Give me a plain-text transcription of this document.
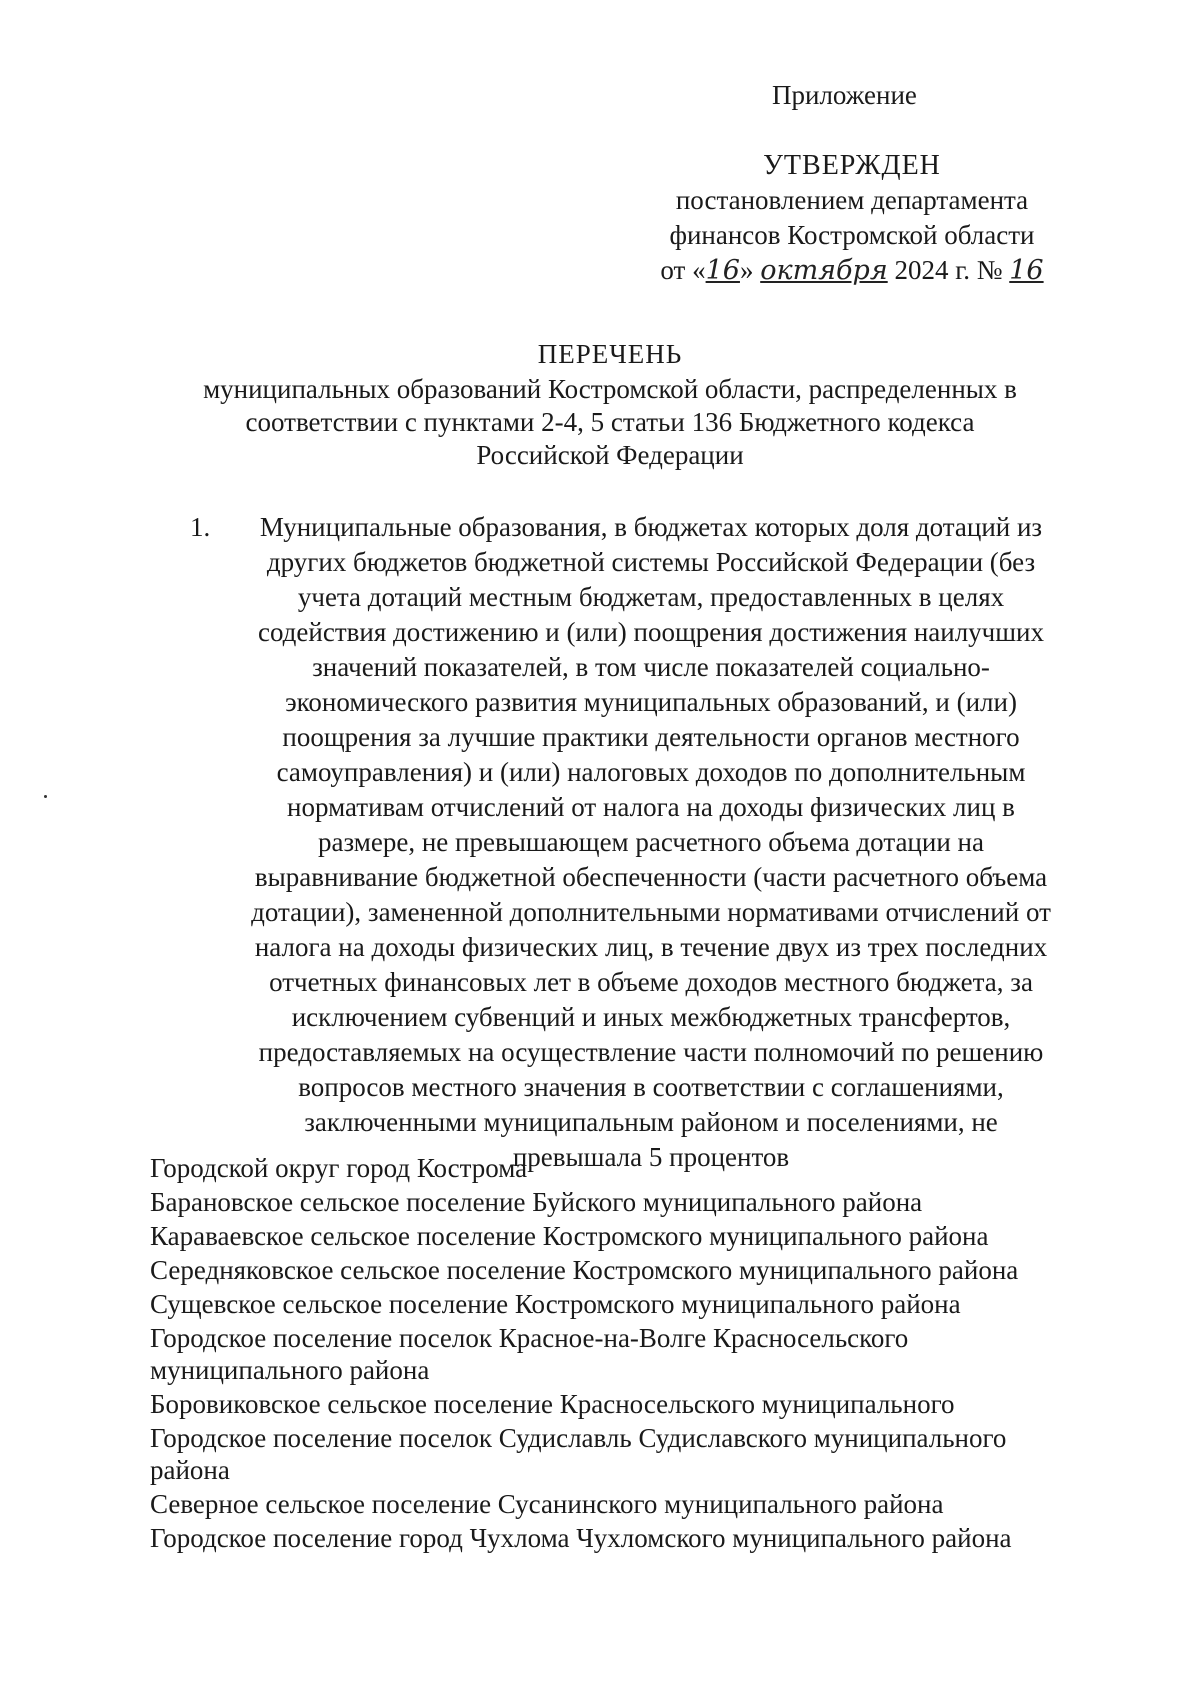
Приложение
УТВЕРЖДЕН
постановлением департамента
финансов Костромской области
от «16» октября 2024 г. № 16
ПЕРЕЧЕНЬ
муниципальных образований Костромской области, распределенных в
соответствии с пунктами 2-4, 5 статьи 136 Бюджетного кодекса
Российской Федерации
1.	Муниципальные образования, в бюджетах которых доля дотаций из
других бюджетов бюджетной системы Российской Федерации (без
учета дотаций местным бюджетам, предоставленных в целях
содействия достижению и (или) поощрения достижения наилучших
значений показателей, в том числе показателей социально-
экономического развития муниципальных образований, и (или)
поощрения за лучшие практики деятельности органов местного
самоуправления) и (или) налоговых доходов по дополнительным
нормативам отчислений от налога на доходы физических лиц в
размере, не превышающем расчетного объема дотации на
выравнивание бюджетной обеспеченности (части расчетного объема
дотации), замененной дополнительными нормативами отчислений от
налога на доходы физических лиц, в течение двух из трех последних
отчетных финансовых лет в объеме доходов местного бюджета, за
исключением субвенций и иных межбюджетных трансфертов,
предоставляемых на осуществление части полномочий по решению
вопросов местного значения в соответствии с соглашениями,
заключенными муниципальным районом и поселениями, не
превышала 5 процентов
Городской округ город Кострома
Барановское сельское поселение Буйского муниципального района
Караваевское сельское поселение Костромского муниципального района
Середняковское сельское поселение Костромского муниципального района
Сущевское сельское поселение Костромского муниципального района
Городское поселение поселок Красное-на-Волге Красносельского муниципального района
Боровиковское сельское поселение Красносельского муниципального
Городское поселение поселок Судиславль Судиславского муниципального района
Северное сельское поселение Сусанинского муниципального района
Городское поселение город Чухлома Чухломского муниципального района
